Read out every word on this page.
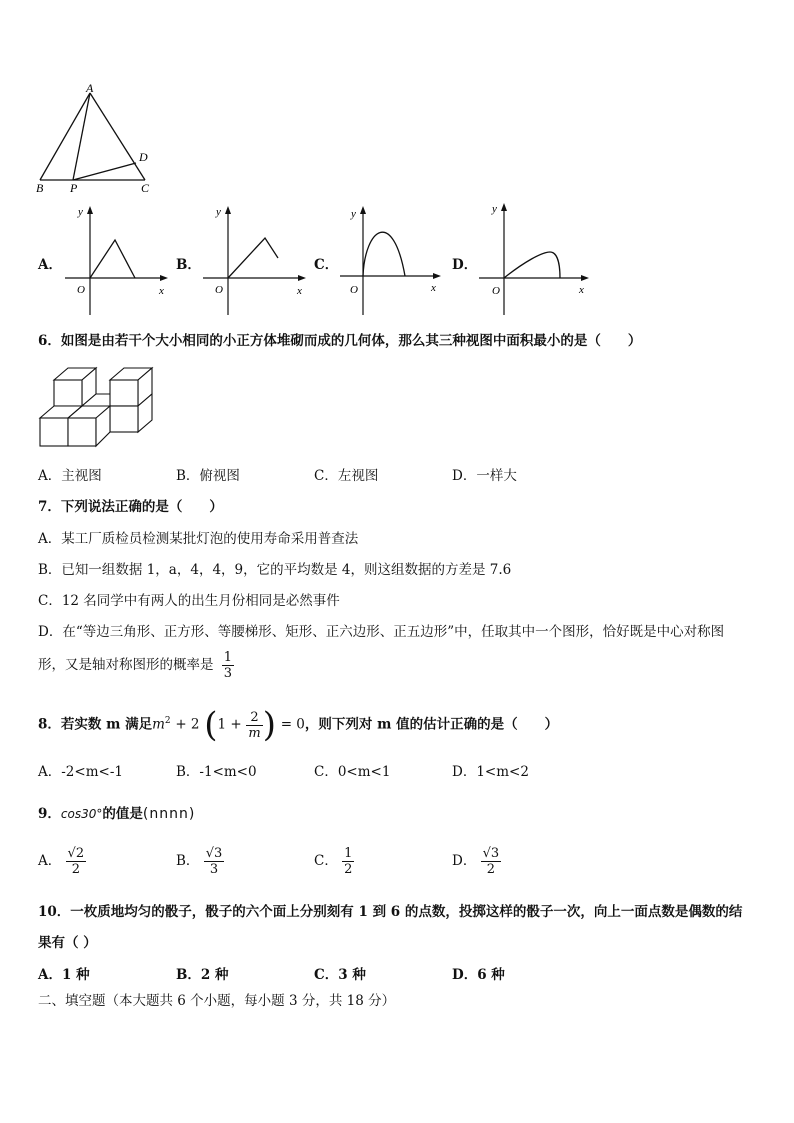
A
B P	C
D
A．
y
x
O
B．
y
x
O
C．
y
x
O
D．
y
x
O
6．如图是由若干个大小相同的小正方体堆砌而成的几何体，那么其三种视图中面积最小的是（　　）
A．主视图	B．俯视图	C．左视图	D．一样大
7．下列说法正确的是（　　）
A．某工厂质检员检测某批灯泡的使用寿命采用普查法
B．已知一组数据 1，a，4，4，9，它的平均数是 4，则这组数据的方差是 7.6
C．12 名同学中有两人的出生月份相同是必然事件
D．在“等边三角形、正方形、等腰梯形、矩形、正六边形、正五边形”中，任取其中一个图形，恰好既是中心对称图
形，又是轴对称图形的概率是 $\frac{1}{3}$
8．若实数 m 满足$m^2 + 2$ ($1 + \frac{2}{m}$ ) = 0，则下列对 m 值的估计正确的是（　　）
A．-2<m<-1	B．-1<m<0	C．0<m<1	D．1<m<2
9．cos30°的值是(nnnn)
A． $\frac{√2}{2}$	B． $\frac{√3}{3}$	C． $\frac{1}{2}$	D． $\frac{√3}{2}$
10．一枚质地均匀的骰子，骰子的六个面上分别刻有 1 到 6 的点数，投掷这样的骰子一次，向上一面点数是偶数的结
果有（ ）
A．1 种	B．2 种	C．3 种	D．6 种
二、填空题（本大题共 6 个小题，每小题 3 分，共 18 分）
